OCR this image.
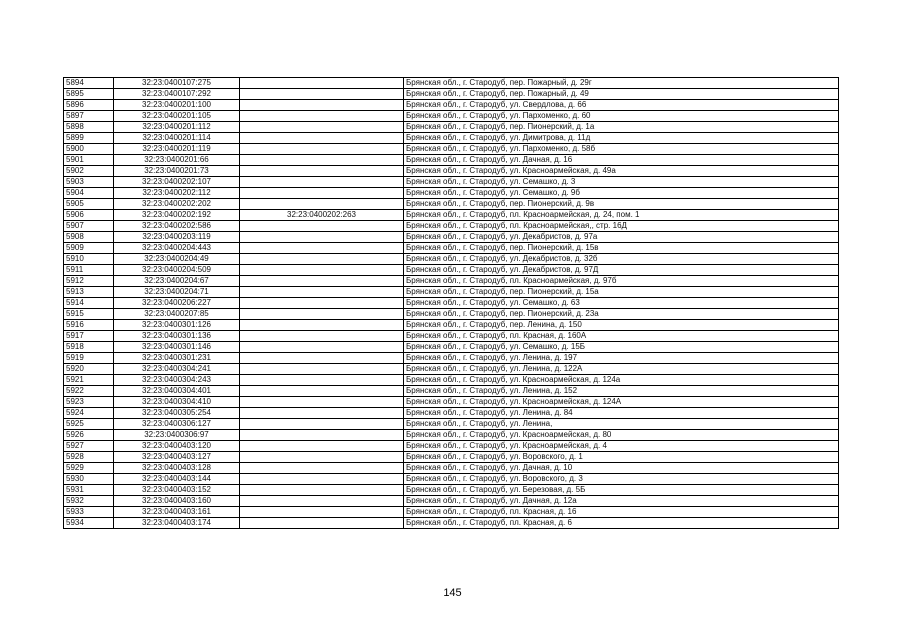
5894	32:23:0400107:275		Брянская обл., г. Стародуб, пер. Пожарный, д. 29г
5895	32:23:0400107:292		Брянская обл., г. Стародуб, пер. Пожарный, д. 49
5896	32:23:0400201:100		Брянская обл., г. Стародуб, ул. Свердлова, д. 66
5897	32:23:0400201:105		Брянская обл., г. Стародуб, ул. Пархоменко, д. 60
5898	32:23:0400201:112		Брянская обл., г. Стародуб, пер. Пионерский, д. 1а
5899	32:23:0400201:114		Брянская обл., г. Стародуб, ул. Димитрова, д. 11д
5900	32:23:0400201:119		Брянская обл., г. Стародуб, ул. Пархоменко, д. 58б
5901	32:23:0400201:66		Брянская обл., г. Стародуб, ул. Дачная, д. 16
5902	32:23:0400201:73		Брянская обл., г. Стародуб, ул. Красноармейская, д. 49а
5903	32:23:0400202:107		Брянская обл., г. Стародуб, ул. Семашко, д. 3
5904	32:23:0400202:112		Брянская обл., г. Стародуб, ул. Семашко, д. 9б
5905	32:23:0400202:202		Брянская обл., г. Стародуб, пер. Пионерский, д. 9в
5906	32:23:0400202:192	32:23:0400202:263	Брянская обл., г. Стародуб, пл. Красноармейская, д. 24, пом. 1
5907	32:23:0400202:586		Брянская обл., г. Стародуб, пл. Красноармейская,, стр. 16Д
5908	32:23:0400203:119		Брянская обл., г. Стародуб, ул. Декабристов, д. 97а
5909	32:23:0400204:443		Брянская обл., г. Стародуб, пер. Пионерский, д. 15в
5910	32:23:0400204:49		Брянская обл., г. Стародуб, ул. Декабристов, д. 32б
5911	32:23:0400204:509		Брянская обл., г. Стародуб, ул. Декабристов, д. 97Д
5912	32:23:0400204:67		Брянская обл., г. Стародуб, пл. Красноармейская, д. 97б
5913	32:23:0400204:71		Брянская обл., г. Стародуб, пер. Пионерский, д. 15а
5914	32:23:0400206:227		Брянская обл., г. Стародуб, ул. Семашко, д. 63
5915	32:23:0400207:85		Брянская обл., г. Стародуб, пер. Пионерский, д. 23а
5916	32:23:0400301:126		Брянская обл., г. Стародуб, пер. Ленина, д. 150
5917	32:23:0400301:136		Брянская обл., г. Стародуб, пл. Красная, д. 160А
5918	32:23:0400301:146		Брянская обл., г. Стародуб, ул. Семашко, д. 15Б
5919	32:23:0400301:231		Брянская обл., г. Стародуб, ул. Ленина, д. 197
5920	32:23:0400304:241		Брянская обл., г. Стародуб, ул. Ленина, д. 122А
5921	32:23:0400304:243		Брянская обл., г. Стародуб, ул. Красноармейская, д. 124а
5922	32:23:0400304:401		Брянская обл., г. Стародуб, ул. Ленина, д. 152
5923	32:23:0400304:410		Брянская обл., г. Стародуб, ул. Красноармейская, д. 124А
5924	32:23:0400305:254		Брянская обл., г. Стародуб, ул. Ленина, д. 84
5925	32:23:0400306:127		Брянская обл., г. Стародуб, ул. Ленина,
5926	32:23:0400306:97		Брянская обл., г. Стародуб, ул. Красноармейская, д. 80
5927	32:23:0400403:120		Брянская обл., г. Стародуб, ул. Красноармейская, д. 4
5928	32:23:0400403:127		Брянская обл., г. Стародуб, ул. Воровского, д. 1
5929	32:23:0400403:128		Брянская обл., г. Стародуб, ул. Дачная, д. 10
5930	32:23:0400403:144		Брянская обл., г. Стародуб, ул. Воровского, д. 3
5931	32:23:0400403:152		Брянская обл., г. Стародуб, ул. Березовая, д. 5Б
5932	32:23:0400403:160		Брянская обл., г. Стародуб, ул. Дачная, д. 12а
5933	32:23:0400403:161		Брянская обл., г. Стародуб, пл. Красная, д. 16
5934	32:23:0400403:174		Брянская обл., г. Стародуб, пл. Красная, д. 6
145
